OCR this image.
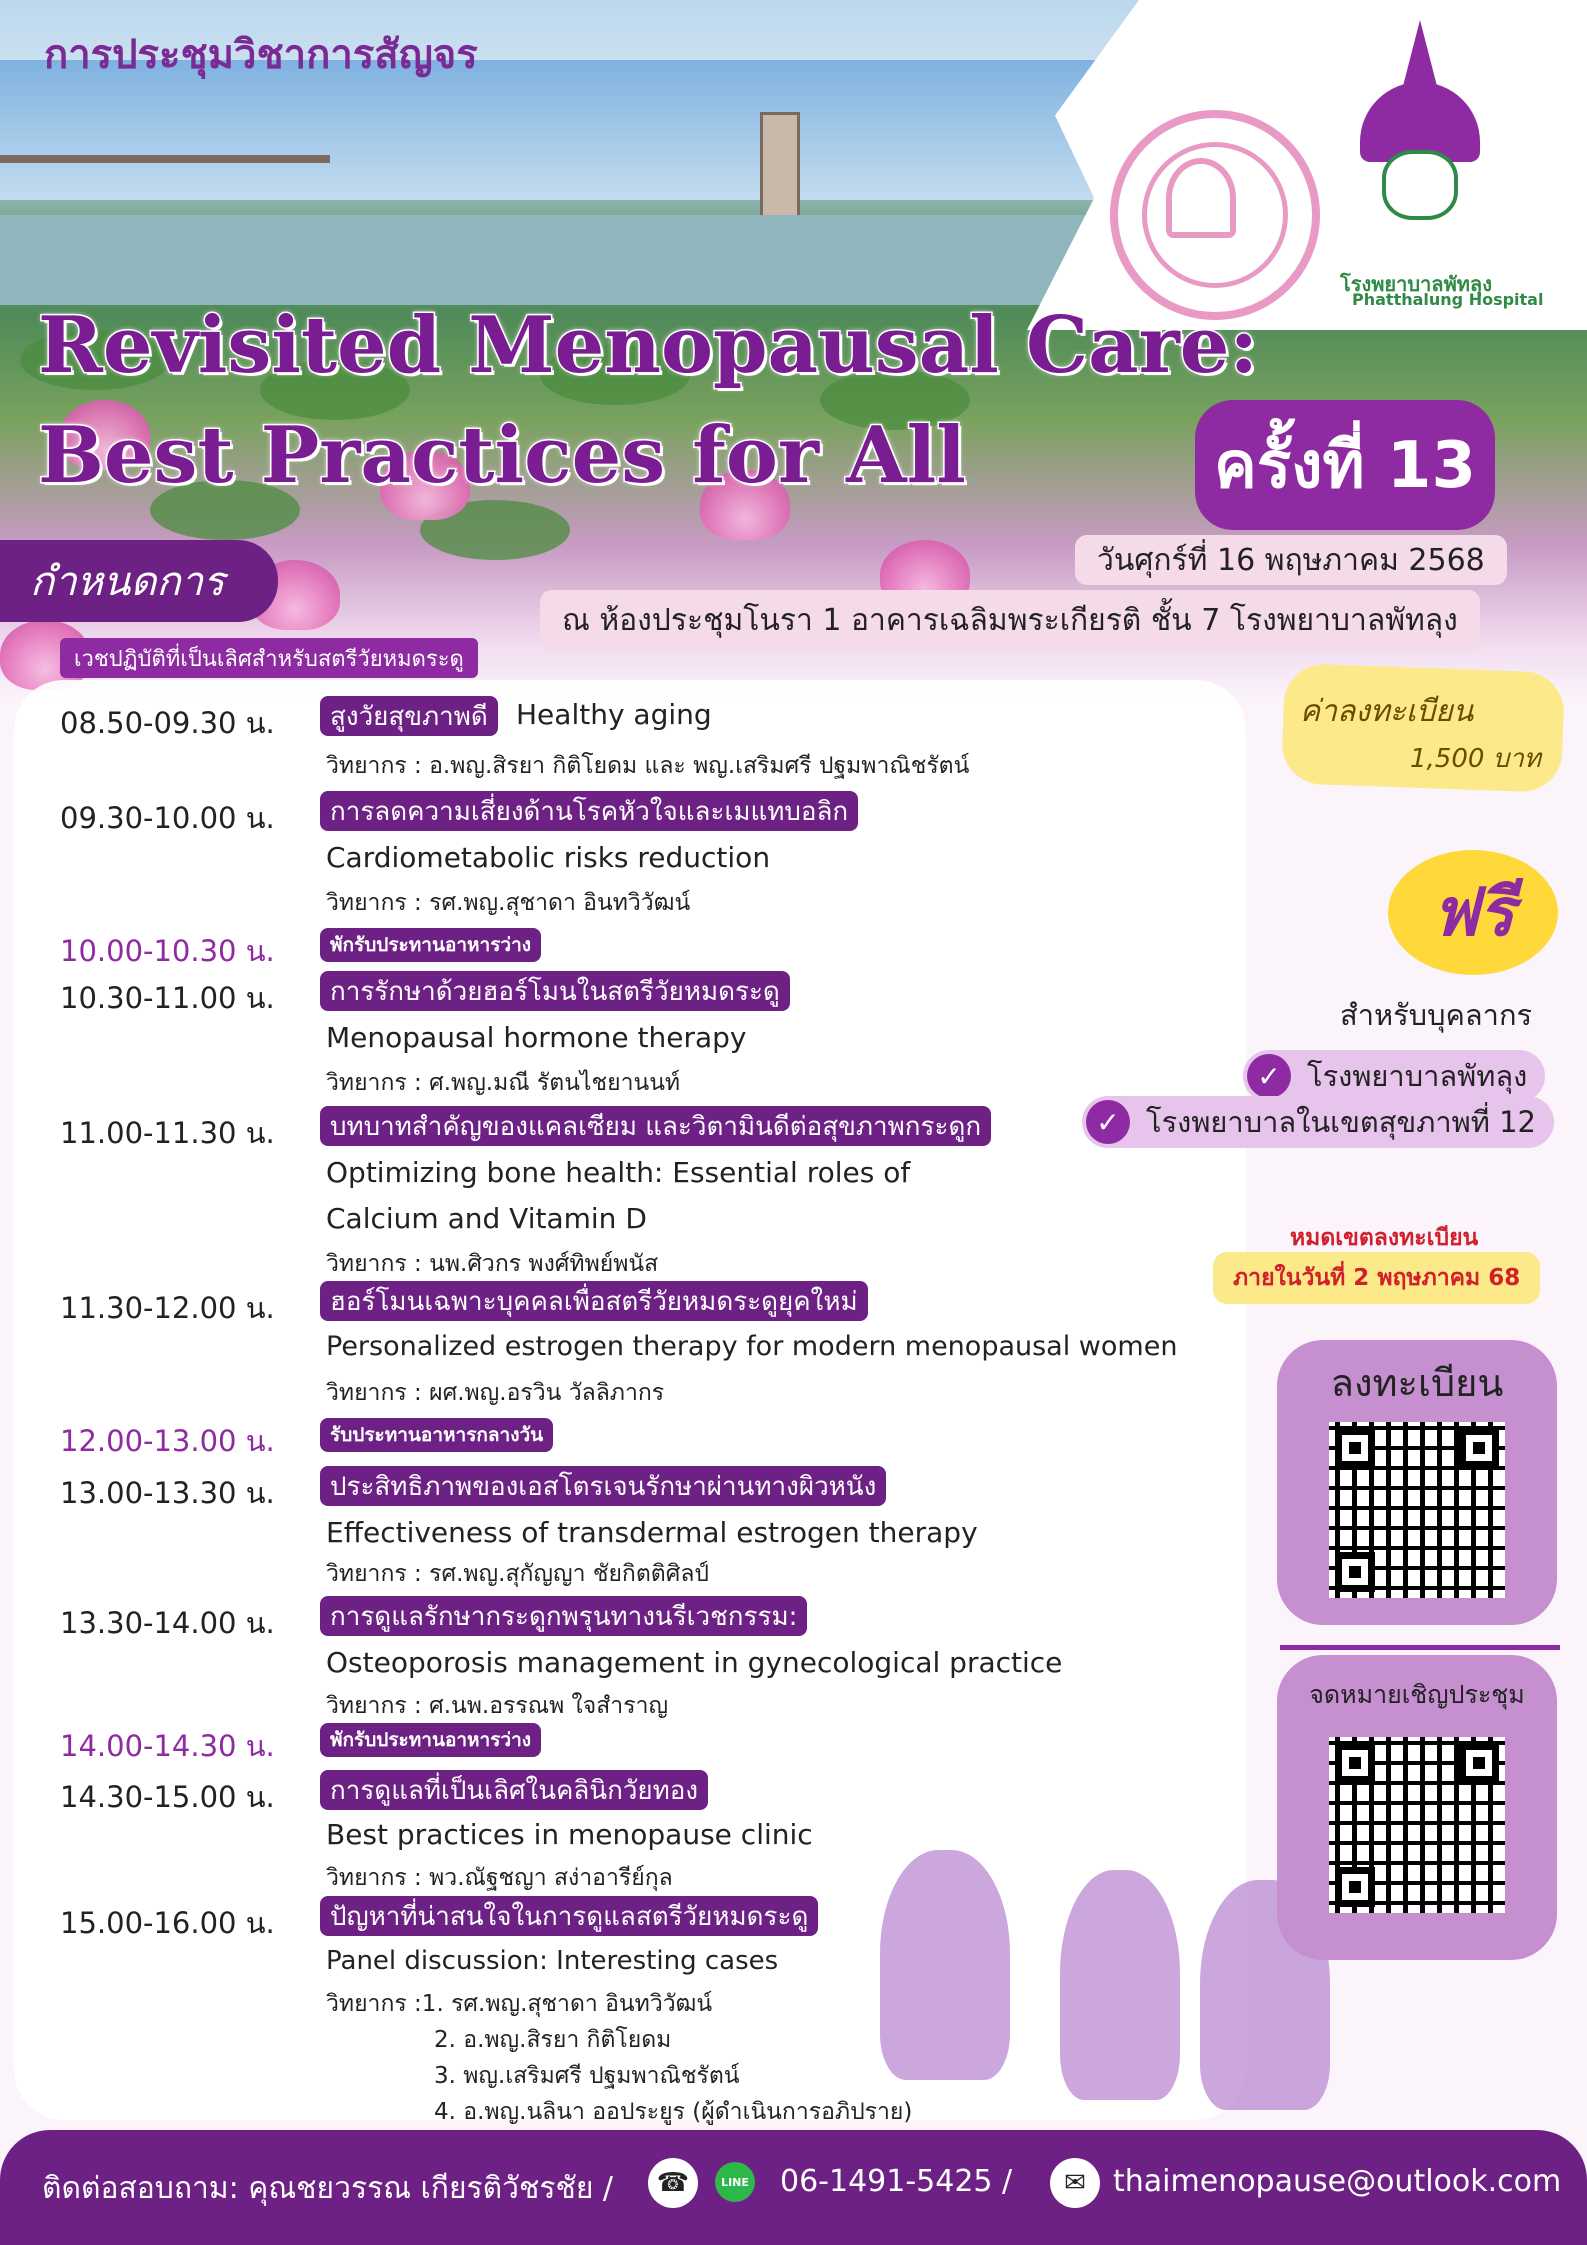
การประชุมวิชาการสัญจร
โรงพยาบาลพัทลุง
Phatthalung Hospital
Revisited Menopausal Care:
Best Practices for All	ครั้งที่ 13
กำหนดการ	วันศุกร์ที่ 16 พฤษภาคม 2568
ณ ห้องประชุมโนรา 1 อาคารเฉลิมพระเกียรติ ชั้น 7 โรงพยาบาลพัทลุง
เวชปฏิบัติที่เป็นเลิศสำหรับสตรีวัยหมดระดู
08.50-09.30 น.	สูงวัยสุขภาพดี	Healthy aging
วิทยากร : อ.พญ.สิรยา กิติโยดม และ พญ.เสริมศรี ปฐมพาณิชรัตน์
09.30-10.00 น.	การลดความเสี่ยงด้านโรคหัวใจและเมแทบอลิก
Cardiometabolic risks reduction
วิทยากร : รศ.พญ.สุชาดา อินทวิวัฒน์
10.00-10.30 น.	พักรับประทานอาหารว่าง
10.30-11.00 น.	การรักษาด้วยฮอร์โมนในสตรีวัยหมดระดู
Menopausal hormone therapy
วิทยากร : ศ.พญ.มณี รัตนไชยานนท์
11.00-11.30 น.	บทบาทสำคัญของแคลเซียม และวิตามินดีต่อสุขภาพกระดูก
Optimizing bone health: Essential roles of
Calcium and Vitamin D
วิทยากร : นพ.ศิวกร พงศ์ทิพย์พนัส
11.30-12.00 น.	ฮอร์โมนเฉพาะบุคคลเพื่อสตรีวัยหมดระดูยุคใหม่
Personalized estrogen therapy for modern menopausal women
วิทยากร : ผศ.พญ.อรวิน วัลลิภากร
12.00-13.00 น.	รับประทานอาหารกลางวัน
13.00-13.30 น.	ประสิทธิภาพของเอสโตรเจนรักษาผ่านทางผิวหนัง
Effectiveness of transdermal estrogen therapy
วิทยากร : รศ.พญ.สุกัญญา ชัยกิตติศิลป์
13.30-14.00 น.	การดูแลรักษากระดูกพรุนทางนรีเวชกรรม:
Osteoporosis management in gynecological practice
วิทยากร : ศ.นพ.อรรณพ ใจสำราญ
14.00-14.30 น.	พักรับประทานอาหารว่าง
14.30-15.00 น.	การดูแลที่เป็นเลิศในคลินิกวัยทอง
Best practices in menopause clinic
วิทยากร : พว.ณัฐชญา สง่าอารีย์กุล
15.00-16.00 น.	ปัญหาที่น่าสนใจในการดูแลสตรีวัยหมดระดู
Panel discussion: Interesting cases
วิทยากร :1. รศ.พญ.สุชาดา อินทวิวัฒน์
2. อ.พญ.สิรยา กิติโยดม
3. พญ.เสริมศรี ปฐมพาณิชรัตน์
4. อ.พญ.นลินา ออประยูร (ผู้ดำเนินการอภิปราย)
ค่าลงทะเบียน
1,500 บาท
ฟรี
สำหรับบุคลากร
✓ โรงพยาบาลพัทลุง
✓ โรงพยาบาลในเขตสุขภาพที่ 12
หมดเขตลงทะเบียน
ภายในวันที่ 2 พฤษภาคม 68
ลงทะเบียน
จดหมายเชิญประชุม
ติดต่อสอบถาม: คุณชยวรรณ เกียรติวัชรชัย /	☎	LINE 06-1491-5425 /	✉ thaimenopause@outlook.com
